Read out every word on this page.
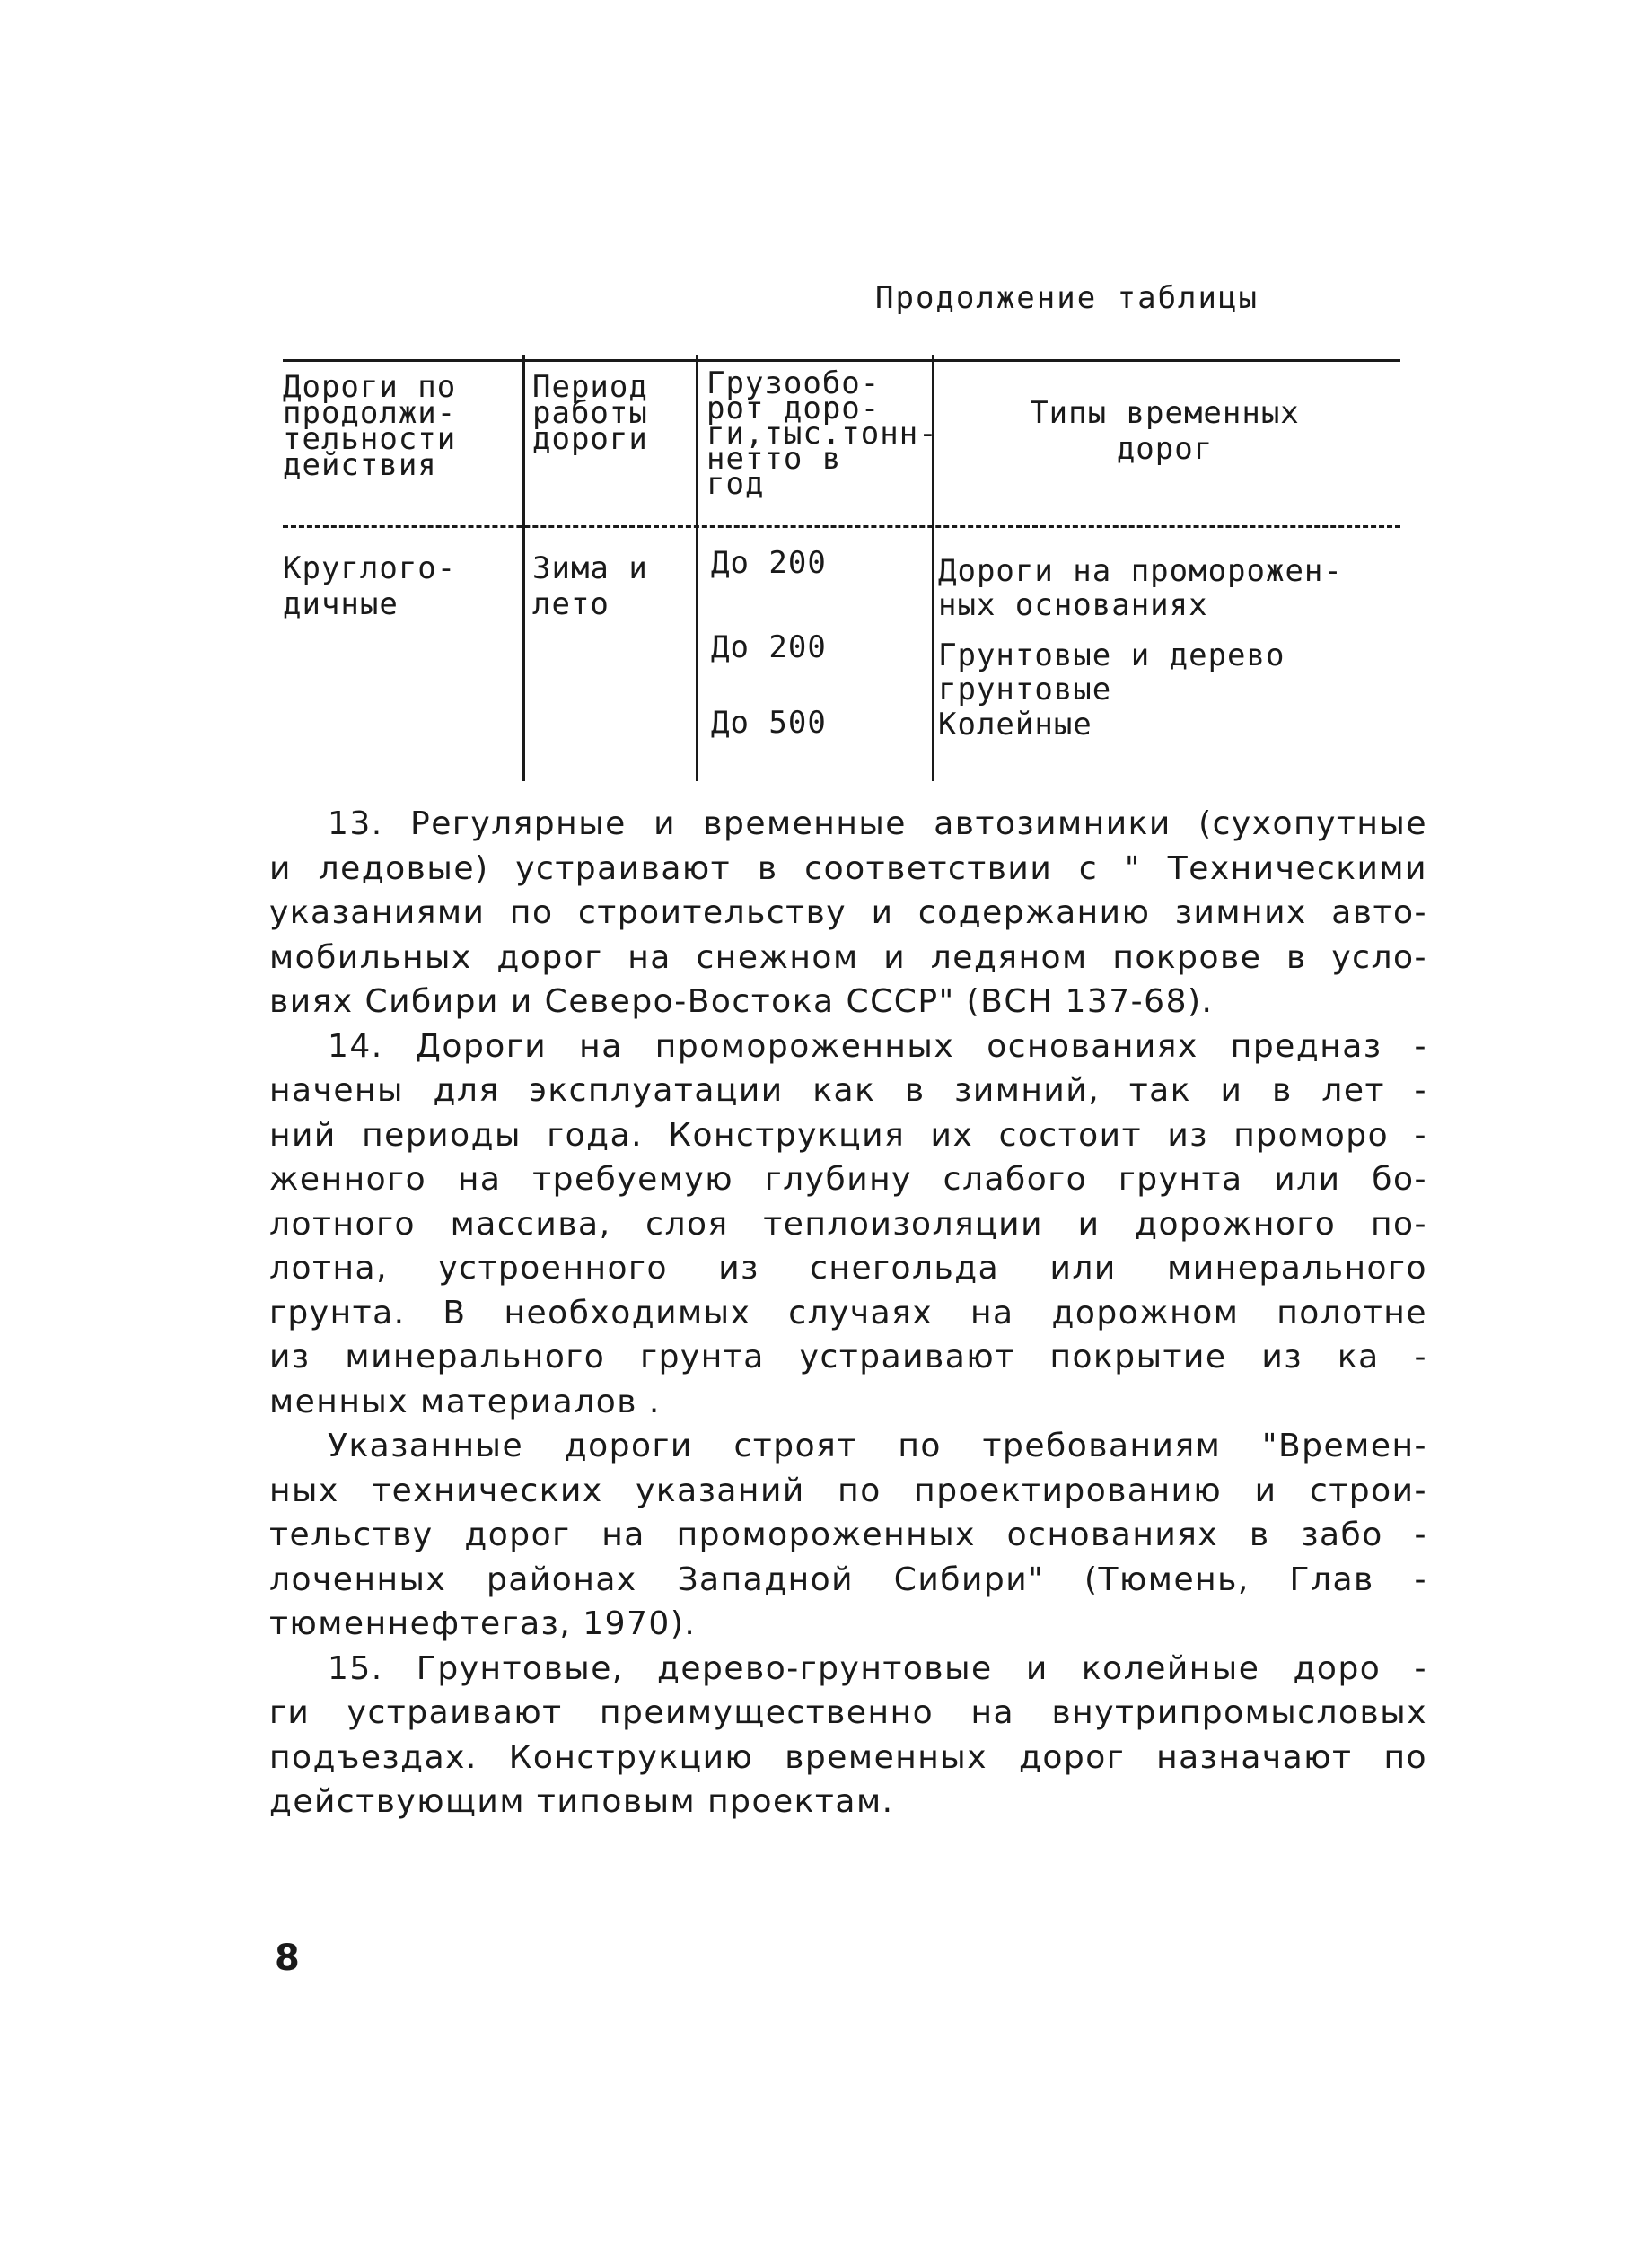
Продолжение таблицы
Дороги по
продолжи-
тельности
действия
Период
работы
дороги
Грузообо-
рот доро-
ги,тыс.тонн-
нетто в
год
Типы временных
дорог
Круглого-
дичные
Зима и
лето
До 200
До 200
До 500
Дороги на проморожен-
ных основаниях
Грунтовые и дерево
грунтовые
Колейные
13. Регулярные и временные автозимники (сухопутные
и ледовые) устраивают в соответствии с " Техническими
указаниями по строительству и содержанию зимних авто-
мобильных дорог на снежном и ледяном покрове в усло-
виях Сибири и Северо-Востока СССР" (ВСН 137-68).
14. Дороги на промороженных основаниях предназ -
начены для эксплуатации как в зимний, так и в лет -
ний периоды года. Конструкция их состоит из проморо -
женного на требуемую глубину слабого грунта или бо-
лотного массива, слоя теплоизоляции и дорожного по-
лотна, устроенного из снегольда или минерального
грунта. В необходимых случаях на дорожном полотне
из минерального грунта устраивают покрытие из ка -
менных материалов .
Указанные дороги строят по требованиям "Времен-
ных технических указаний по проектированию и строи-
тельству дорог на промороженных основаниях в забо -
лоченных районах Западной Сибири" (Тюмень, Глав -
тюменнефтегаз, 1970).
15. Грунтовые, дерево-грунтовые и колейные доро -
ги устраивают преимущественно на внутрипромысловых
подъездах. Конструкцию временных дорог назначают по
действующим типовым проектам.
8
